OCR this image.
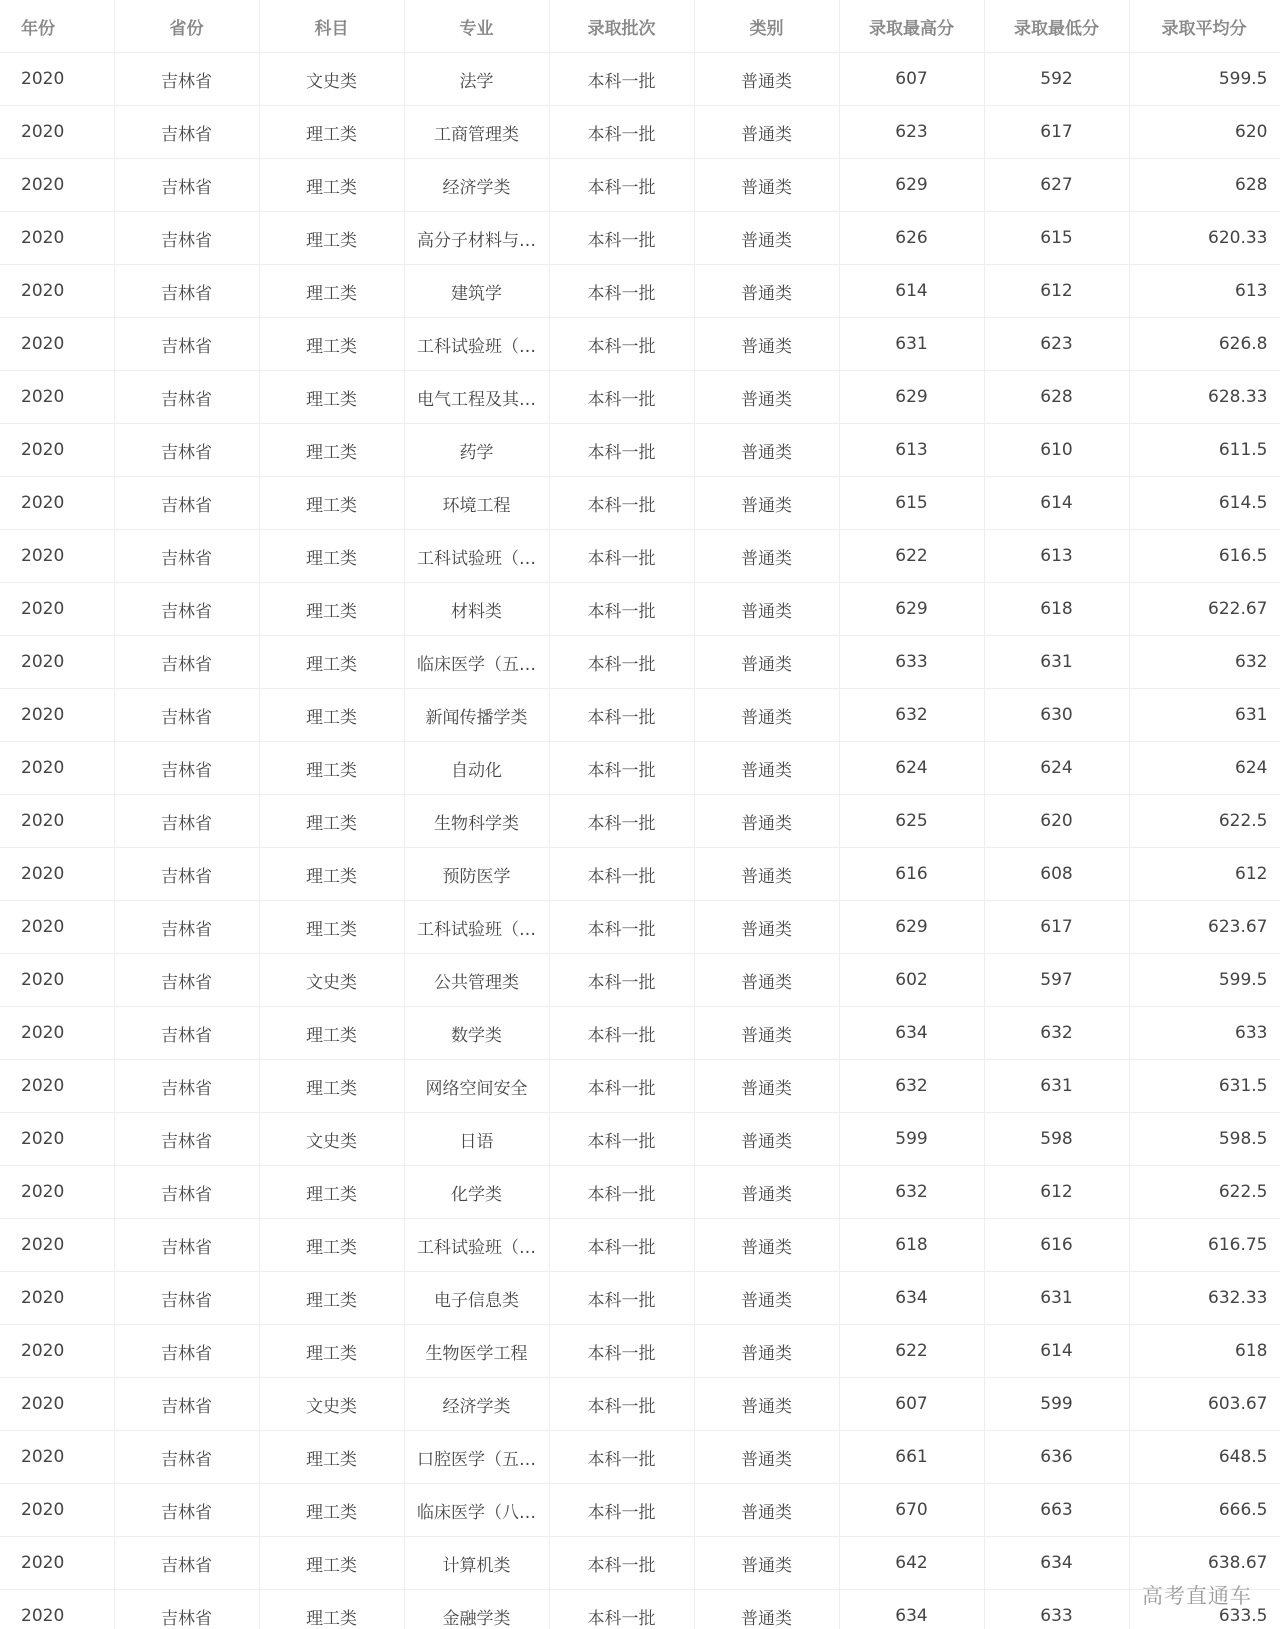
年份	省份	科目	专业	录取批次	类别	录取最高分	录取最低分	录取平均分
2020	吉林省	文史类	法学	本科一批	普通类	607	592	599.5
2020	吉林省	理工类	工商管理类	本科一批	普通类	623	617	620
2020	吉林省	理工类	经济学类	本科一批	普通类	629	627	628
2020	吉林省	理工类	高分子材料与…	本科一批	普通类	626	615	620.33
2020	吉林省	理工类	建筑学	本科一批	普通类	614	612	613
2020	吉林省	理工类	工科试验班（…	本科一批	普通类	631	623	626.8
2020	吉林省	理工类	电气工程及其…	本科一批	普通类	629	628	628.33
2020	吉林省	理工类	药学	本科一批	普通类	613	610	611.5
2020	吉林省	理工类	环境工程	本科一批	普通类	615	614	614.5
2020	吉林省	理工类	工科试验班（…	本科一批	普通类	622	613	616.5
2020	吉林省	理工类	材料类	本科一批	普通类	629	618	622.67
2020	吉林省	理工类	临床医学（五…	本科一批	普通类	633	631	632
2020	吉林省	理工类	新闻传播学类	本科一批	普通类	632	630	631
2020	吉林省	理工类	自动化	本科一批	普通类	624	624	624
2020	吉林省	理工类	生物科学类	本科一批	普通类	625	620	622.5
2020	吉林省	理工类	预防医学	本科一批	普通类	616	608	612
2020	吉林省	理工类	工科试验班（…	本科一批	普通类	629	617	623.67
2020	吉林省	文史类	公共管理类	本科一批	普通类	602	597	599.5
2020	吉林省	理工类	数学类	本科一批	普通类	634	632	633
2020	吉林省	理工类	网络空间安全	本科一批	普通类	632	631	631.5
2020	吉林省	文史类	日语	本科一批	普通类	599	598	598.5
2020	吉林省	理工类	化学类	本科一批	普通类	632	612	622.5
2020	吉林省	理工类	工科试验班（…	本科一批	普通类	618	616	616.75
2020	吉林省	理工类	电子信息类	本科一批	普通类	634	631	632.33
2020	吉林省	理工类	生物医学工程	本科一批	普通类	622	614	618
2020	吉林省	文史类	经济学类	本科一批	普通类	607	599	603.67
2020	吉林省	理工类	口腔医学（五…	本科一批	普通类	661	636	648.5
2020	吉林省	理工类	临床医学（八…	本科一批	普通类	670	663	666.5
2020	吉林省	理工类	计算机类	本科一批	普通类	642	634	638.67
2020	吉林省	理工类	金融学类	本科一批	普通类	634	633	633.5
高考直通车
